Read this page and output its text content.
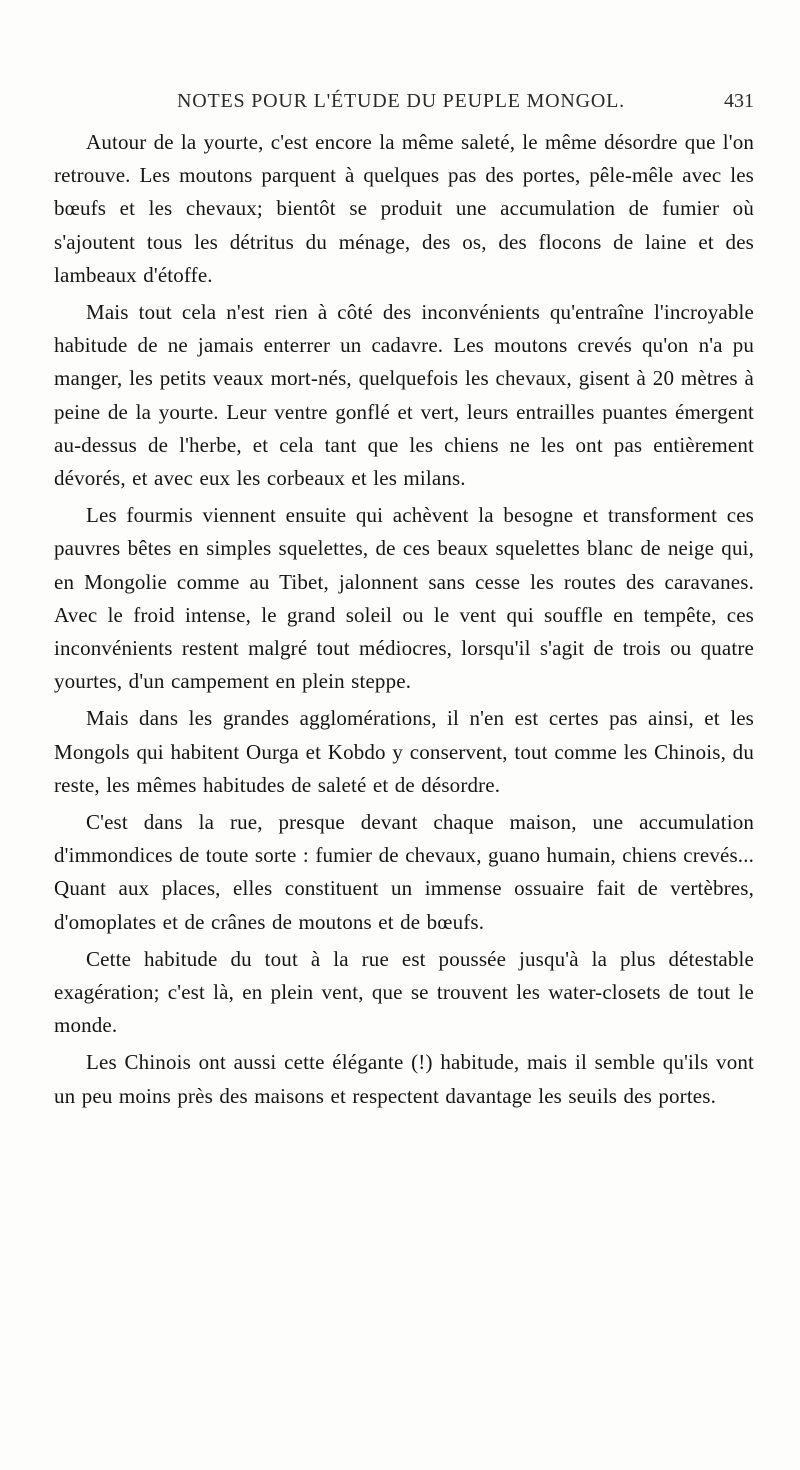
NOTES POUR L'ÉTUDE DU PEUPLE MONGOL.	431

Autour de la yourte, c'est encore la même saleté, le même désordre que l'on retrouve. Les moutons parquent à quelques pas des portes, pêle-mêle avec les bœufs et les chevaux; bientôt se produit une accumulation de fumier où s'ajoutent tous les détritus du ménage, des os, des flocons de laine et des lambeaux d'étoffe.

Mais tout cela n'est rien à côté des inconvénients qu'entraîne l'incroyable habitude de ne jamais enterrer un cadavre. Les moutons crevés qu'on n'a pu manger, les petits veaux mort-nés, quelquefois les chevaux, gisent à 20 mètres à peine de la yourte. Leur ventre gonflé et vert, leurs entrailles puantes émergent au-dessus de l'herbe, et cela tant que les chiens ne les ont pas entièrement dévorés, et avec eux les corbeaux et les milans.

Les fourmis viennent ensuite qui achèvent la besogne et transforment ces pauvres bêtes en simples squelettes, de ces beaux squelettes blanc de neige qui, en Mongolie comme au Tibet, jalonnent sans cesse les routes des caravanes. Avec le froid intense, le grand soleil ou le vent qui souffle en tempête, ces inconvénients restent malgré tout médiocres, lorsqu'il s'agit de trois ou quatre yourtes, d'un campement en plein steppe.

Mais dans les grandes agglomérations, il n'en est certes pas ainsi, et les Mongols qui habitent Ourga et Kobdo y conservent, tout comme les Chinois, du reste, les mêmes habitudes de saleté et de désordre.

C'est dans la rue, presque devant chaque maison, une accumulation d'immondices de toute sorte : fumier de chevaux, guano humain, chiens crevés... Quant aux places, elles constituent un immense ossuaire fait de vertèbres, d'omoplates et de crânes de moutons et de bœufs.

Cette habitude du tout à la rue est poussée jusqu'à la plus détestable exagération; c'est là, en plein vent, que se trouvent les water-closets de tout le monde.

Les Chinois ont aussi cette élégante (!) habitude, mais il semble qu'ils vont un peu moins près des maisons et respectent davantage les seuils des portes.
